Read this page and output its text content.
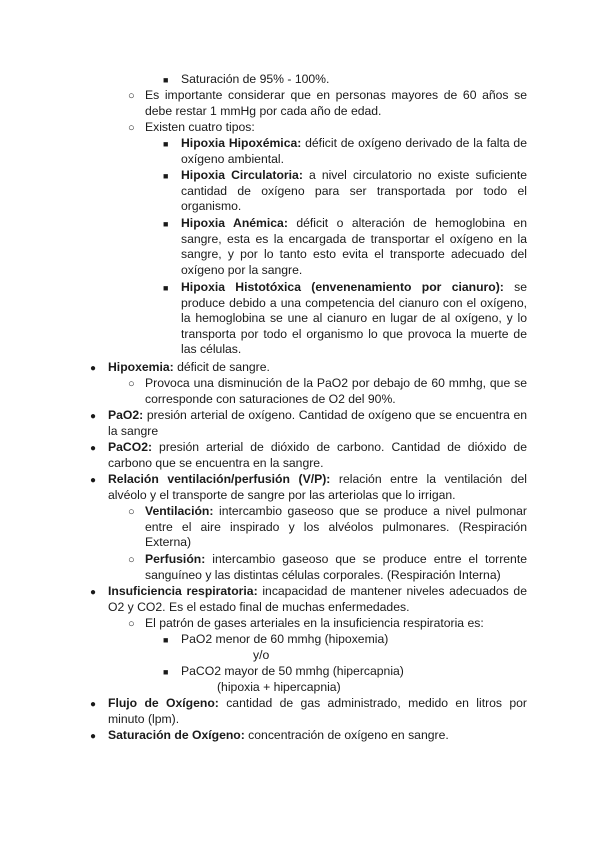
■ Saturación de 95% - 100%.
○ Es importante considerar que en personas mayores de 60 años se debe restar 1 mmHg por cada año de edad.
○ Existen cuatro tipos:
■ Hipoxia Hipoxémica: déficit de oxígeno derivado de la falta de oxígeno ambiental.
■ Hipoxia Circulatoria: a nivel circulatorio no existe suficiente cantidad de oxígeno para ser transportada por todo el organismo.
■ Hipoxia Anémica: déficit o alteración de hemoglobina en sangre, esta es la encargada de transportar el oxígeno en la sangre, y por lo tanto esto evita el transporte adecuado del oxígeno por la sangre.
■ Hipoxia Histotóxica (envenenamiento por cianuro): se produce debido a una competencia del cianuro con el oxígeno, la hemoglobina se une al cianuro en lugar de al oxígeno, y lo transporta por todo el organismo lo que provoca la muerte de las células.
● Hipoxemia: déficit de sangre.
○ Provoca una disminución de la PaO2 por debajo de 60 mmhg, que se corresponde con saturaciones de O2 del 90%.
● PaO2: presión arterial de oxígeno. Cantidad de oxígeno que se encuentra en la sangre
● PaCO2: presión arterial de dióxido de carbono. Cantidad de dióxido de carbono que se encuentra en la sangre.
● Relación ventilación/perfusión (V/P): relación entre la ventilación del alvéolo y el transporte de sangre por las arteriolas que lo irrigan.
○ Ventilación: intercambio gaseoso que se produce a nivel pulmonar entre el aire inspirado y los alvéolos pulmonares. (Respiración Externa)
○ Perfusión: intercambio gaseoso que se produce entre el torrente sanguíneo y las distintas células corporales. (Respiración Interna)
● Insuficiencia respiratoria: incapacidad de mantener niveles adecuados de O2 y CO2. Es el estado final de muchas enfermedades.
○ El patrón de gases arteriales en la insuficiencia respiratoria es:
■ PaO2 menor de 60 mmhg (hipoxemia)
y/o
■ PaCO2 mayor de 50 mmhg (hipercapnia)
(hipoxia + hipercapnia)
● Flujo de Oxígeno: cantidad de gas administrado, medido en litros por minuto (lpm).
● Saturación de Oxígeno: concentración de oxígeno en sangre.
